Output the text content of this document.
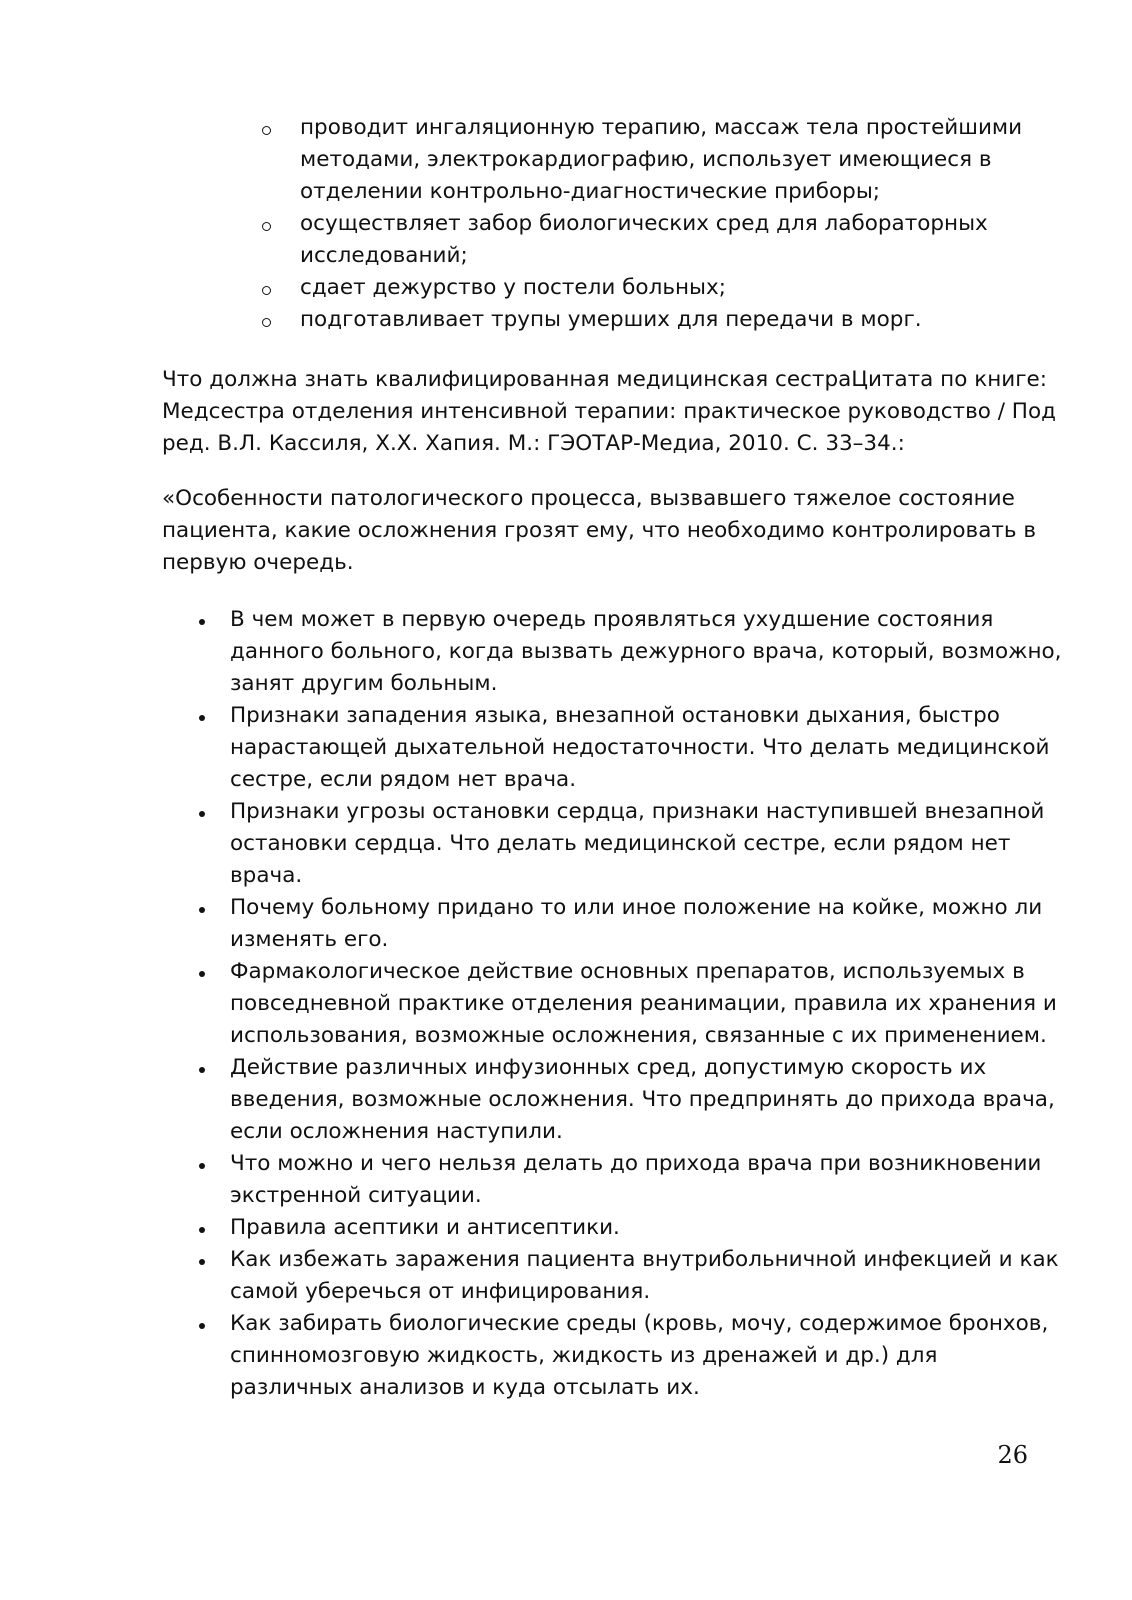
проводит ингаляционную терапию, массаж тела простейшими методами, электрокардиографию, использует имеющиеся в отделении контрольно-диагностические приборы;
осуществляет забор биологических сред для лабораторных исследований;
сдает дежурство у постели больных;
подготавливает трупы умерших для передачи в морг.

Что должна знать квалифицированная медицинская сестраЦитата по книге: Медсестра отделения интенсивной терапии: практическое руководство / Под ред. В.Л. Кассиля, Х.Х. Хапия. М.: ГЭОТАР-Медиа, 2010. С. 33–34.:

«Особенности патологического процесса, вызвавшего тяжелое состояние пациента, какие осложнения грозят ему, что необходимо контролировать в первую очередь.

В чем может в первую очередь проявляться ухудшение состояния данного больного, когда вызвать дежурного врача, который, возможно, занят другим больным.
Признаки западения языка, внезапной остановки дыхания, быстро нарастающей дыхательной недостаточности. Что делать медицинской сестре, если рядом нет врача.
Признаки угрозы остановки сердца, признаки наступившей внезапной остановки сердца. Что делать медицинской сестре, если рядом нет врача.
Почему больному придано то или иное положение на койке, можно ли изменять его.
Фармакологическое действие основных препаратов, используемых в повседневной практике отделения реанимации, правила их хранения и использования, возможные осложнения, связанные с их применением.
Действие различных инфузионных сред, допустимую скорость их введения, возможные осложнения. Что предпринять до прихода врача, если осложнения наступили.
Что можно и чего нельзя делать до прихода врача при возникновении экстренной ситуации.
Правила асептики и антисептики.
Как избежать заражения пациента внутрибольничной инфекцией и как самой уберечься от инфицирования.
Как забирать биологические среды (кровь, мочу, содержимое бронхов, спинномозговую жидкость, жидкость из дренажей и др.) для различных анализов и куда отсылать их.
26
